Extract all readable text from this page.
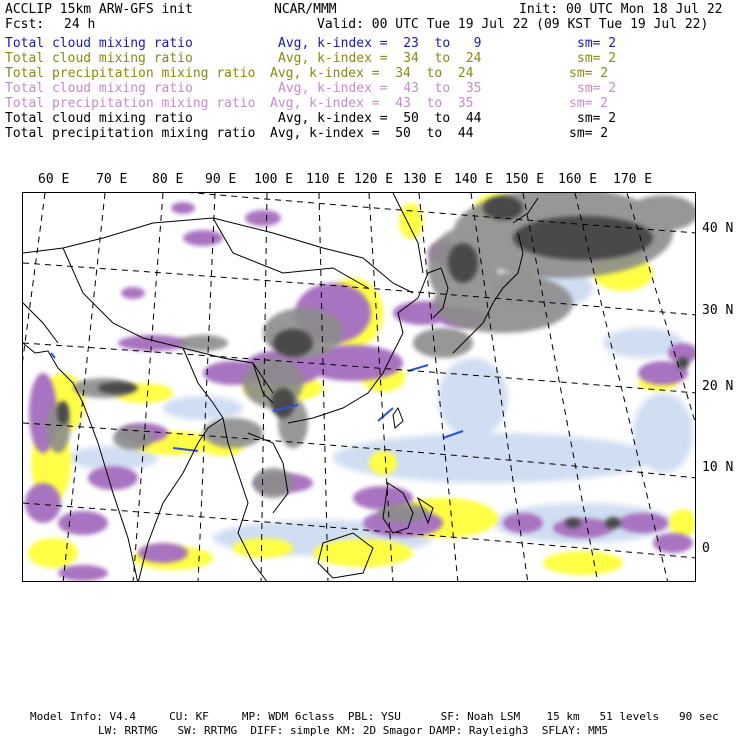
ACCLIP 15km ARW-GFS init	NCAR/MMM	Init: 00 UTC Mon 18 Jul 22
Fcst: 24 h	Valid: 00 UTC Tue 19 Jul 22 (09 KST Tue 19 Jul 22)
Total cloud mixing ratio	Avg, k-index =  23  to   9	sm= 2
Total cloud mixing ratio	Avg, k-index =  34  to  24	sm= 2
Total precipitation mixing ratio Avg, k-index =  34  to  24	sm= 2
Total cloud mixing ratio	Avg, k-index =  43  to  35	sm= 2
Total precipitation mixing ratio Avg, k-index =  43  to  35	sm= 2
Total cloud mixing ratio	Avg, k-index =  50  to  44	sm= 2
Total precipitation mixing ratio Avg, k-index =  50  to  44	sm= 2
60 E 70 E 80 E 90 E 100 E 110 E 120 E 130 E 140 E 150 E 160 E 170 E
40 N
30 N
20 N
10 N
0
Model Info: V4.4     CU: KF     MP: WDM 6class  PBL: YSU      SF: Noah LSM    15 km   51 levels   90 sec
LW: RRTMG   SW: RRTMG  DIFF: simple KM: 2D Smagor DAMP: Rayleigh3  SFLAY: MM5
